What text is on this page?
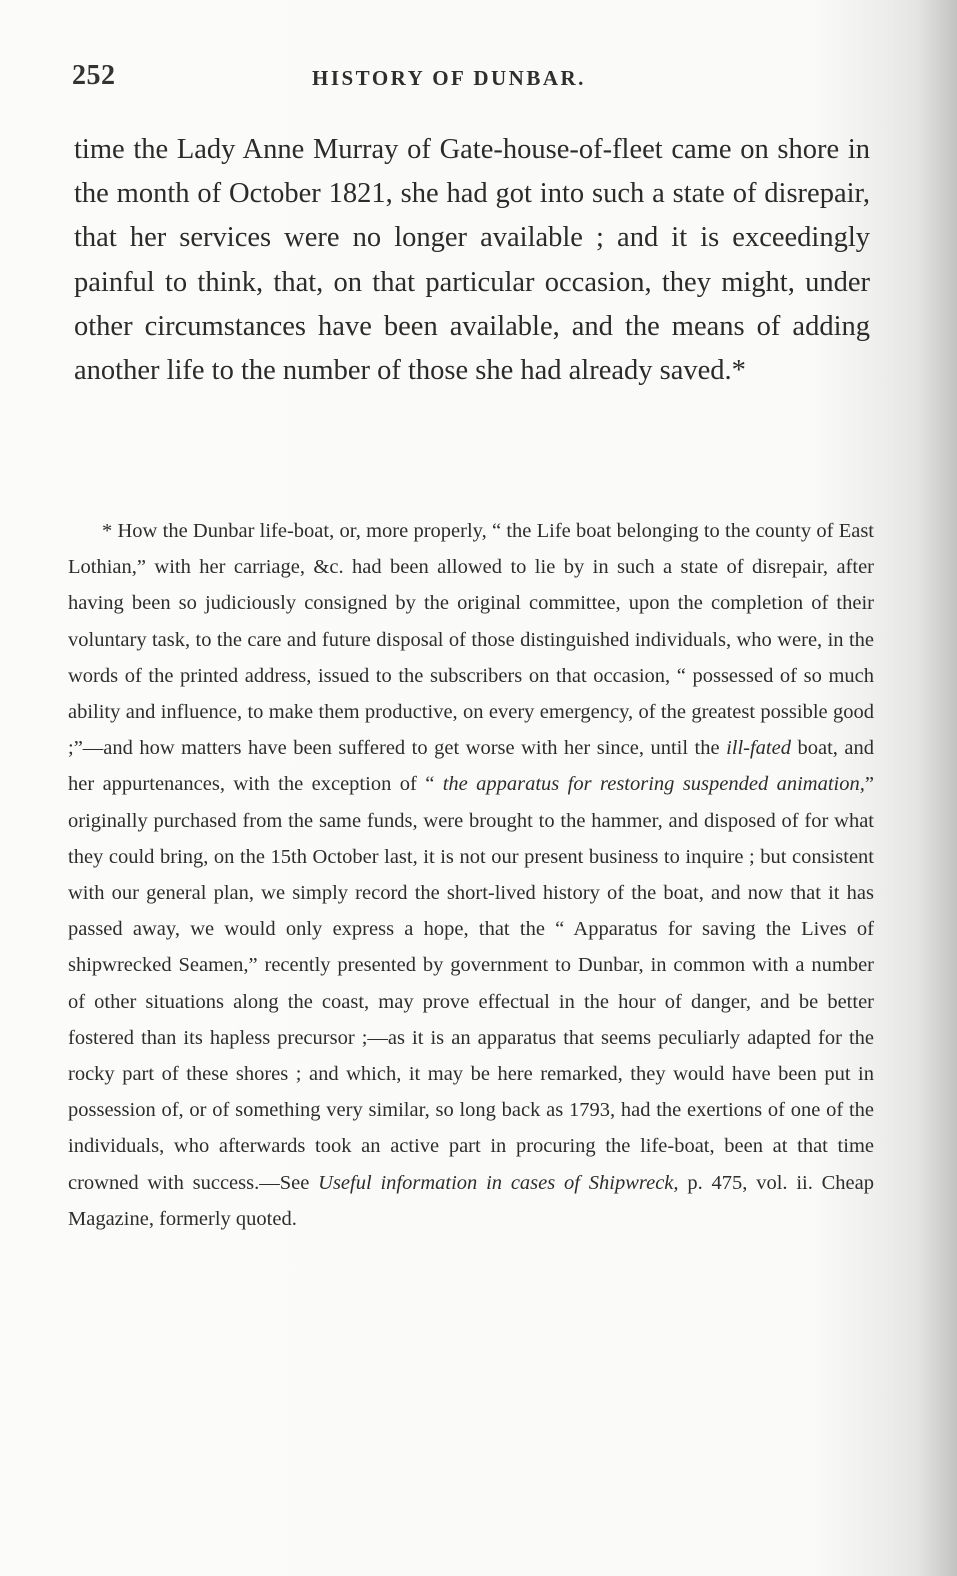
252	HISTORY OF DUNBAR.

time the Lady Anne Murray of Gate-house-of-fleet came on shore in the month of October 1821, she had got into such a state of disrepair, that her services were no longer available ; and it is exceedingly painful to think, that, on that particular occasion, they might, under other circumstances have been available, and the means of adding another life to the number of those she had already saved.*

* How the Dunbar life-boat, or, more properly, “ the Life boat belonging to the county of East Lothian,” with her carriage, &c. had been allowed to lie by in such a state of disrepair, after having been so judiciously consigned by the original committee, upon the completion of their voluntary task, to the care and future disposal of those distinguished individuals, who were, in the words of the printed address, issued to the subscribers on that occasion, “ possessed of so much ability and influence, to make them productive, on every emergency, of the greatest possible good ;”—and how matters have been suffered to get worse with her since, until the ill-fated boat, and her appurtenances, with the exception of “ the apparatus for restoring suspended animation,” originally purchased from the same funds, were brought to the hammer, and disposed of for what they could bring, on the 15th October last, it is not our present business to inquire ; but consistent with our general plan, we simply record the short-lived history of the boat, and now that it has passed away, we would only express a hope, that the “ Apparatus for saving the Lives of shipwrecked Seamen,” recently presented by government to Dunbar, in common with a number of other situations along the coast, may prove effectual in the hour of danger, and be better fostered than its hapless precursor ;—as it is an apparatus that seems peculiarly adapted for the rocky part of these shores ; and which, it may be here remarked, they would have been put in possession of, or of something very similar, so long back as 1793, had the exertions of one of the individuals, who afterwards took an active part in procuring the life-boat, been at that time crowned with success.—See Useful information in cases of Shipwreck, p. 475, vol. ii. Cheap Magazine, formerly quoted.
